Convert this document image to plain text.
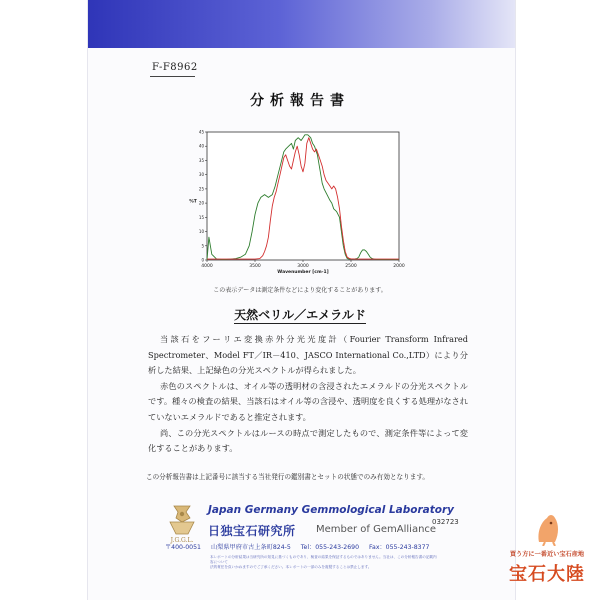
F-F8962
分析報告書
0
5
10
15
20
25
30
35
40
45
4000	3500	3000	2500	2000
Wavenumber [cm-1]
%T
この表示データは測定条件などにより変化することがあります。
天然ベリル／エメラルド

当該石をフーリエ変換赤外分光光度計（Fourier Transform Infrared Spectrometer、Model FT／IR－410、JASCO International Co.,LTD）により分析した結果、上記緑色の分光スペクトルが得られました。

赤色のスペクトルは、オイル等の透明材の含浸されたエメラルドの分光スペクトルです。種々の検査の結果、当該石はオイル等の含浸や、透明度を良くする処理がなされていないエメラルドであると推定されます。

尚、この分光スペクトルはルースの時点で測定したもので、測定条件等によって変化することがあります。

この分析報告書は上記番号に該当する当社発行の鑑別書とセットの状態でのみ有効となります。
J.G.G.L.
Japan Germany Gemmological Laboratory
日独宝石研究所 Member of GemAlliance
032723
〒400-0051 山梨県甲府市古上条町824-5 Tel：055-243-2690 Fax：055-243-8377
本レポートの分析結果は当研究所の知見に基づくものであり、検査の結果を保証するものではありません。当社は、この分析報告書の記載内容について
法的責任を負いかねますのでご了承ください。本レポートの一部のみを複製することは禁止します。
買う方に一番近い宝石産地
宝石大陸
